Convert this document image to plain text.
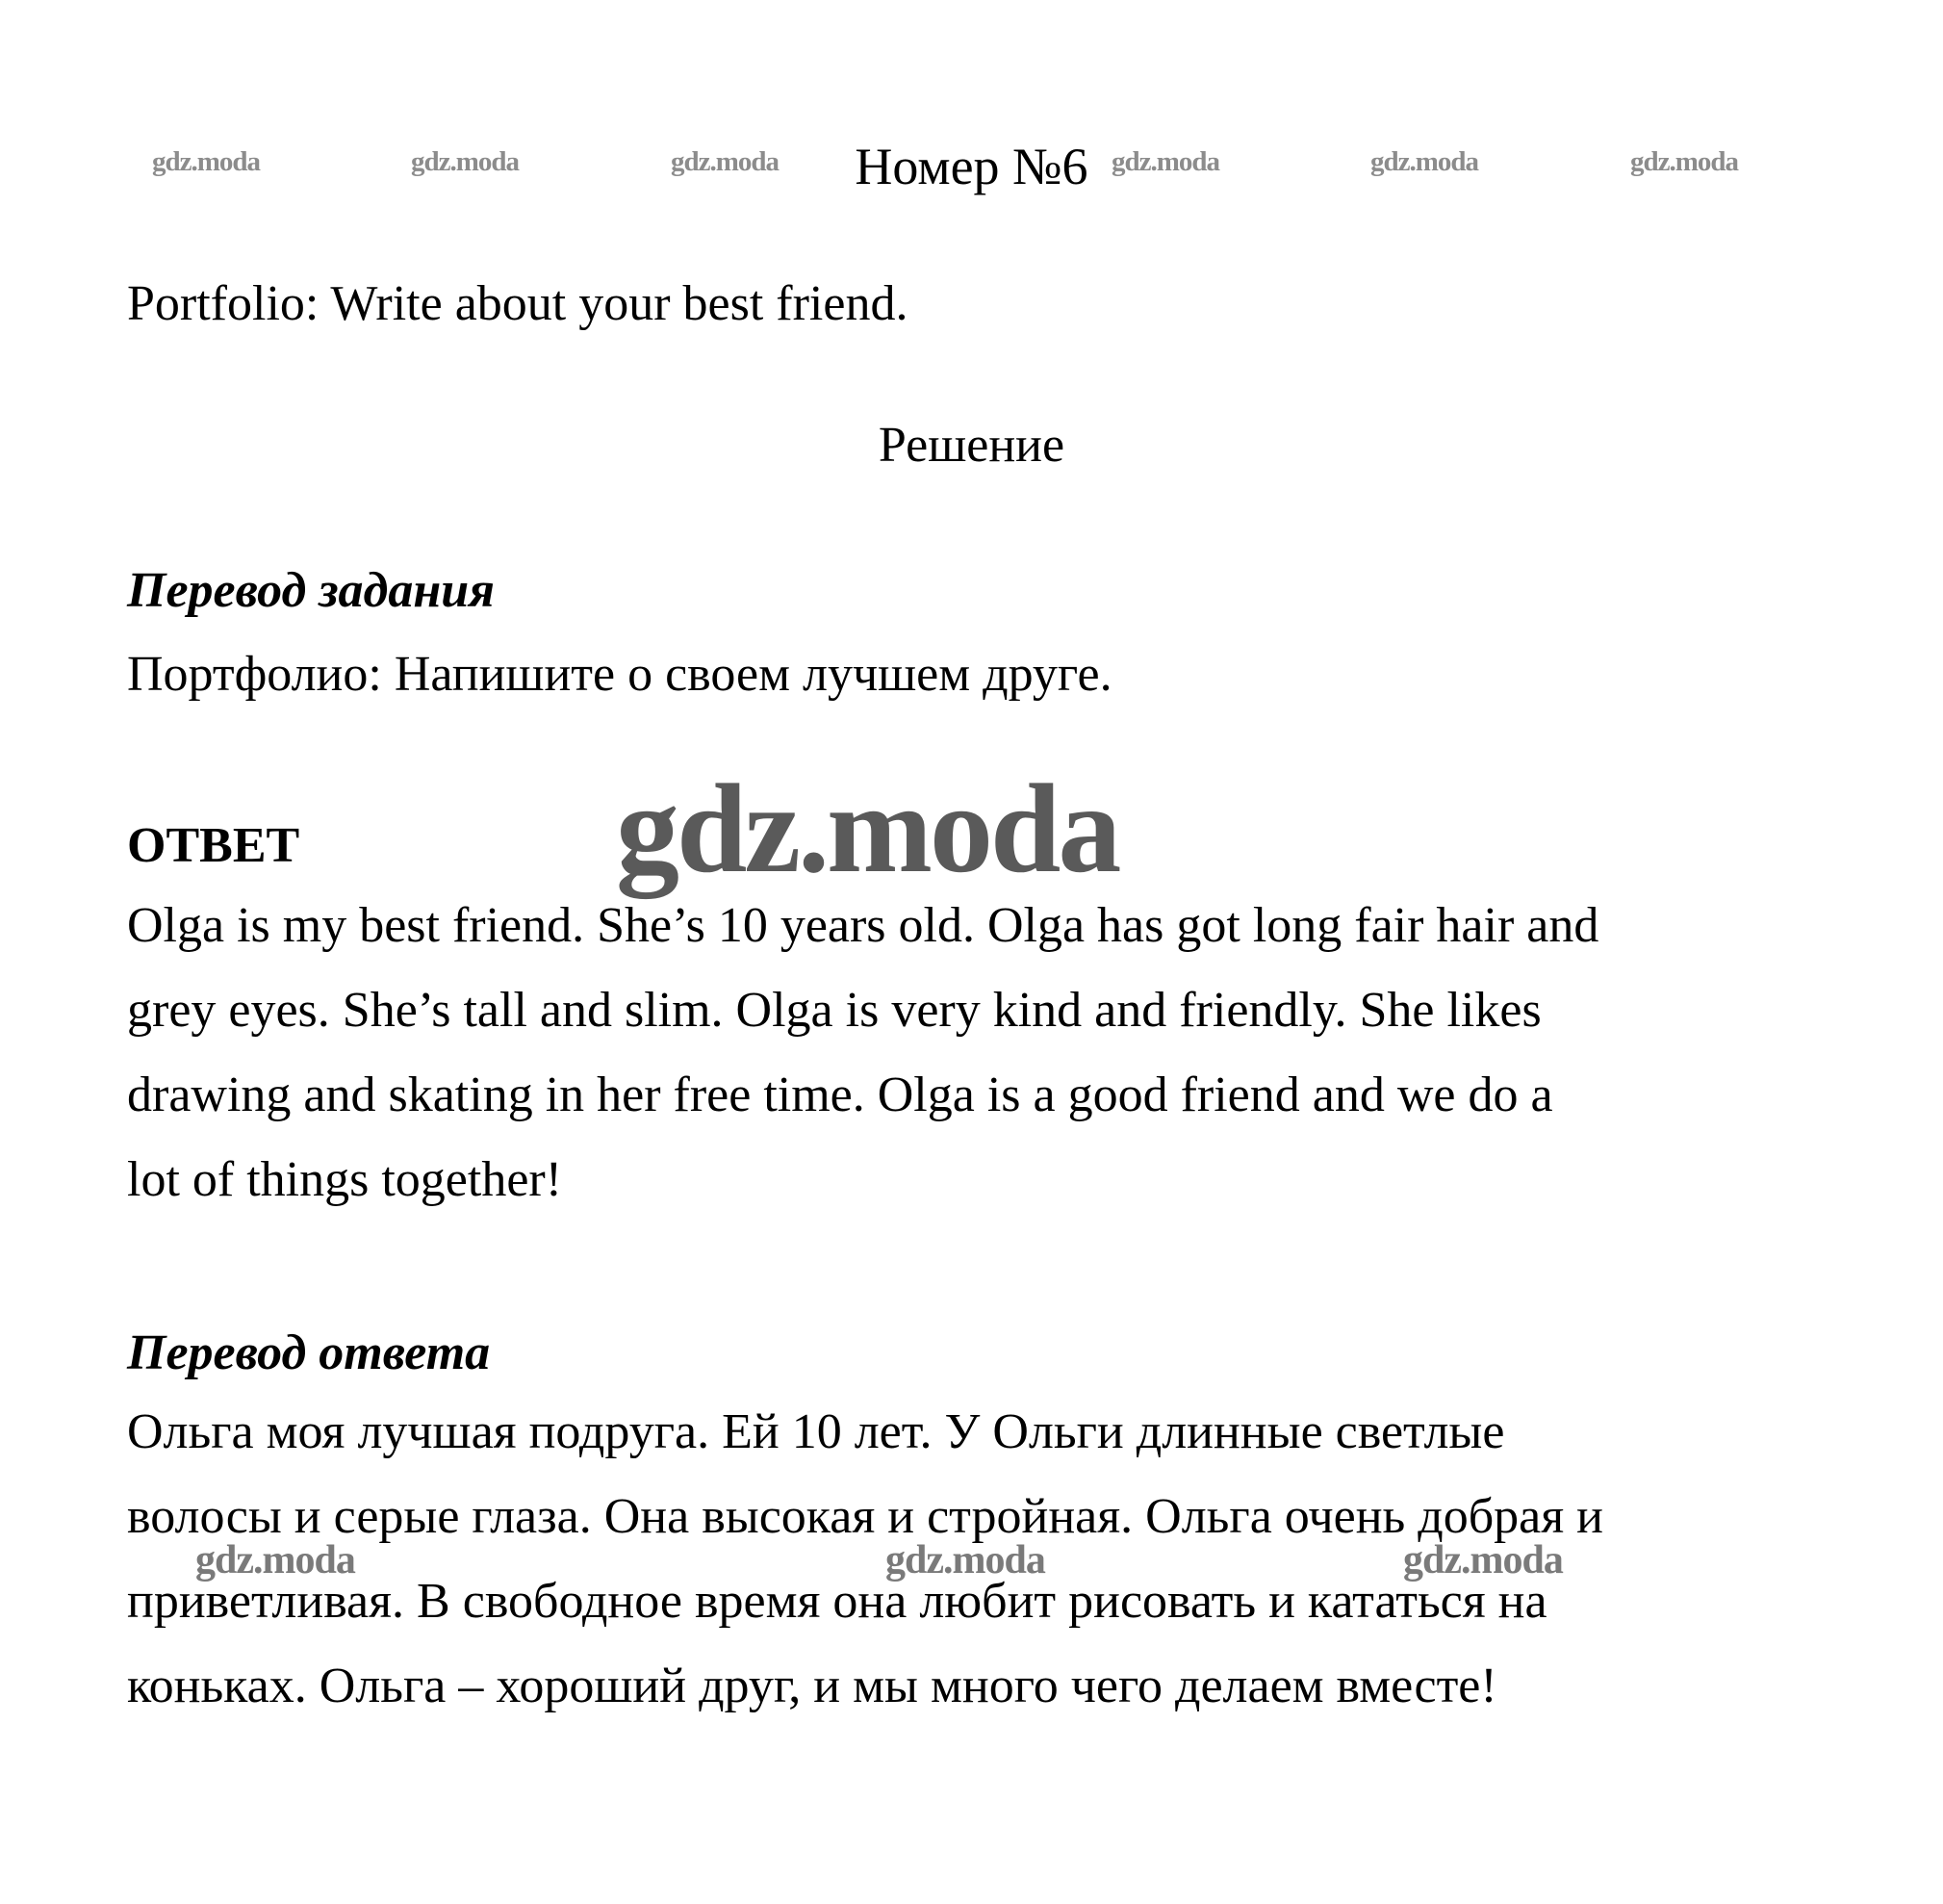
gdz.moda	gdz.moda	gdz.moda	gdz.moda	gdz.moda	gdz.moda
Номер №6
Portfolio: Write about your best friend.
Решение
Перевод задания
Портфолио: Напишите о своем лучшем друге.
gdz.moda
ОТВЕТ
Olga is my best friend. She’s 10 years old. Olga has got long fair hair and
grey eyes. She’s tall and slim. Olga is very kind and friendly. She likes
drawing and skating in her free time. Olga is a good friend and we do a
lot of things together!
Перевод ответа
Ольга моя лучшая подруга. Ей 10 лет. У Ольги длинные светлые
волосы и серые глаза. Она высокая и стройная. Ольга очень добрая и
приветливая. В свободное время она любит рисовать и кататься на
коньках. Ольга – хороший друг, и мы много чего делаем вместе!
gdz.moda	gdz.moda	gdz.moda
